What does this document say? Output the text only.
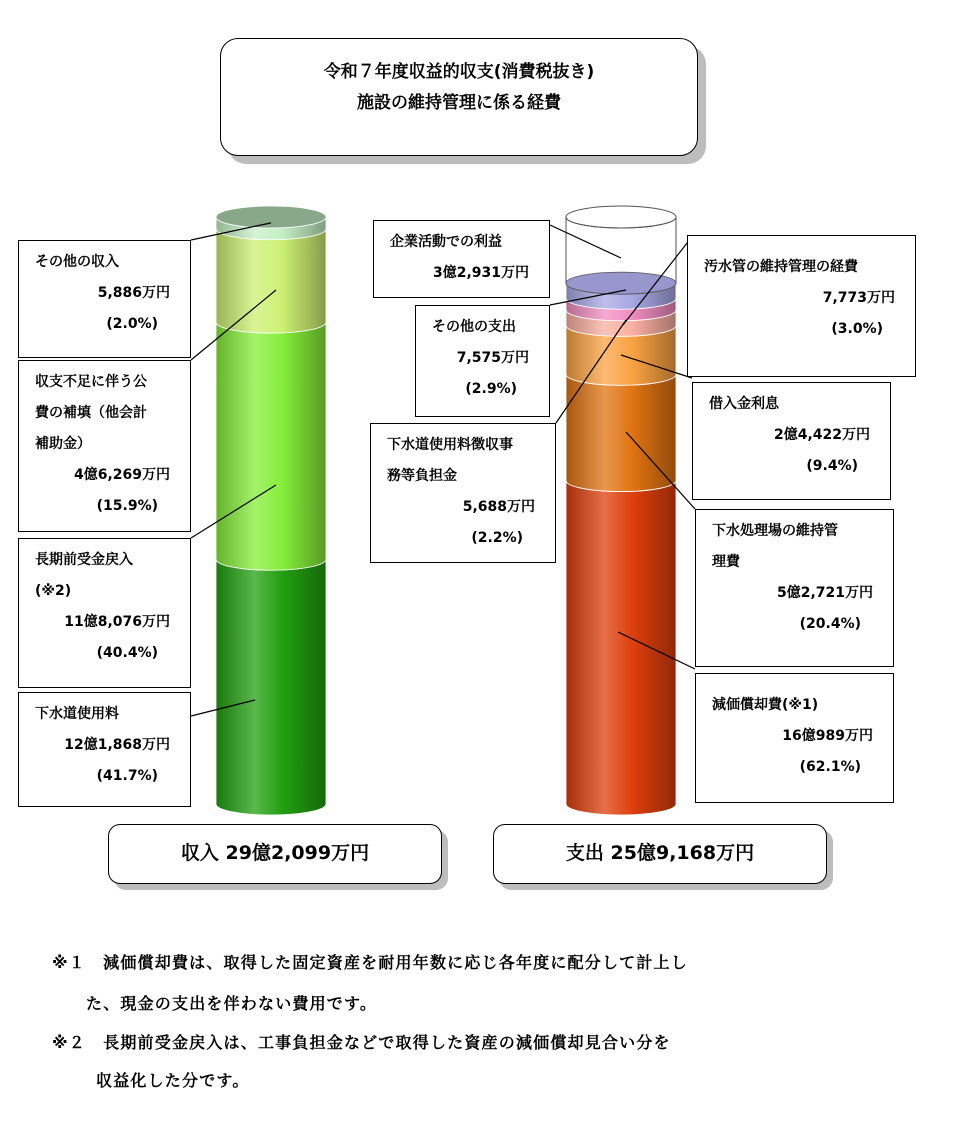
令和７年度収益的収支(消費税抜き)
施設の維持管理に係る経費
その他の収入
5,886万円
(2.0%)
収支不足に伴う公
費の補填（他会計
補助金）
4億6,269万円
(15.9%)
長期前受金戻入
(※2)
11億8,076万円
(40.4%)
下水道使用料
12億1,868万円
(41.7%)
企業活動での利益
3億2,931万円
その他の支出
7,575万円
(2.9%)
下水道使用料徴収事
務等負担金
5,688万円
(2.2%)
汚水管の維持管理の経費
7,773万円
(3.0%)
借入金利息
2億4,422万円
(9.4%)
下水処理場の維持管
理費
5億2,721万円
(20.4%)
減価償却費(※1)
16億989万円
(62.1%)
収入 29億2,099万円	支出 25億9,168万円
※１　減価償却費は、取得した固定資産を耐用年数に応じ各年度に配分して計上し
た、現金の支出を伴わない費用です。
※２　長期前受金戻入は、工事負担金などで取得した資産の減価償却見合い分を
収益化した分です。
